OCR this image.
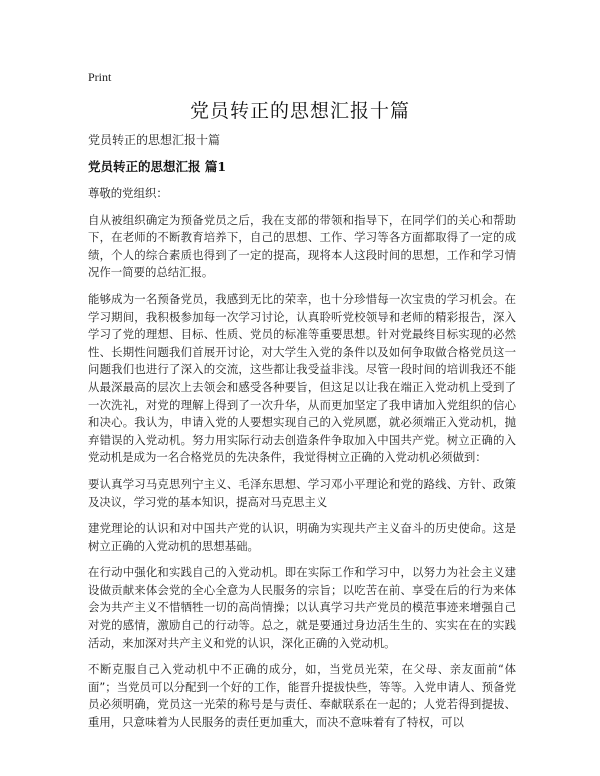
Print
党员转正的思想汇报十篇

党员转正的思想汇报十篇

党员转正的思想汇报 篇1

尊敬的党组织：

自从被组织确定为预备党员之后，我在支部的带领和指导下，在同学们的关心和帮助下，在老师的不断教育培养下，自己的思想、工作、学习等各方面都取得了一定的成绩，个人的综合素质也得到了一定的提高，现将本人这段时间的思想，工作和学习情况作一简要的总结汇报。

能够成为一名预备党员，我感到无比的荣幸，也十分珍惜每一次宝贵的学习机会。在学习期间，我积极参加每一次学习讨论，认真聆听党校领导和老师的精彩报告，深入学习了党的理想、目标、性质、党员的标准等重要思想。针对党最终目标实现的必然性、长期性问题我们首展开讨论，对大学生入党的条件以及如何争取做合格党员这一问题我们也进行了深入的交流，这些都让我受益非浅。尽管一段时间的培训我还不能从最深最高的层次上去领会和感受各种要旨，但这足以让我在端正入党动机上受到了一次洗礼，对党的理解上得到了一次升华，从而更加坚定了我申请加入党组织的信心和决心。我认为，申请入党的人要想实现自己的入党夙愿，就必须端正入党动机，抛弃错误的入党动机。努力用实际行动去创造条件争取加入中国共产党。树立正确的入党动机是成为一名合格党员的先决条件，我觉得树立正确的入党动机必须做到：

要认真学习马克思列宁主义、毛泽东思想、学习邓小平理论和党的路线、方针、政策及决议，学习党的基本知识，提高对马克思主义

建党理论的认识和对中国共产党的认识，明确为实现共产主义奋斗的历史使命。这是树立正确的入党动机的思想基础。

在行动中强化和实践自己的入党动机。即在实际工作和学习中，以努力为社会主义建设做贡献来体会党的全心全意为人民服务的宗旨；以吃苦在前、享受在后的行为来体会为共产主义不惜牺牲一切的高尚情操；以认真学习共产党员的模范事迹来增强自己对党的感情，激励自己的行动等。总之，就是要通过身边活生生的、实实在在的实践活动，来加深对共产主义和党的认识，深化正确的入党动机。

不断克服自己入党动机中不正确的成分，如，当党员光荣，在父母、亲友面前“体面”；当党员可以分配到一个好的工作，能晋升提拔快些，等等。入党申请人、预备党员必须明确，党员这一光荣的称号是与责任、奉献联系在一起的；人党若得到提拔、重用，只意味着为人民服务的责任更加重大，而决不意味着有了特权，可以
